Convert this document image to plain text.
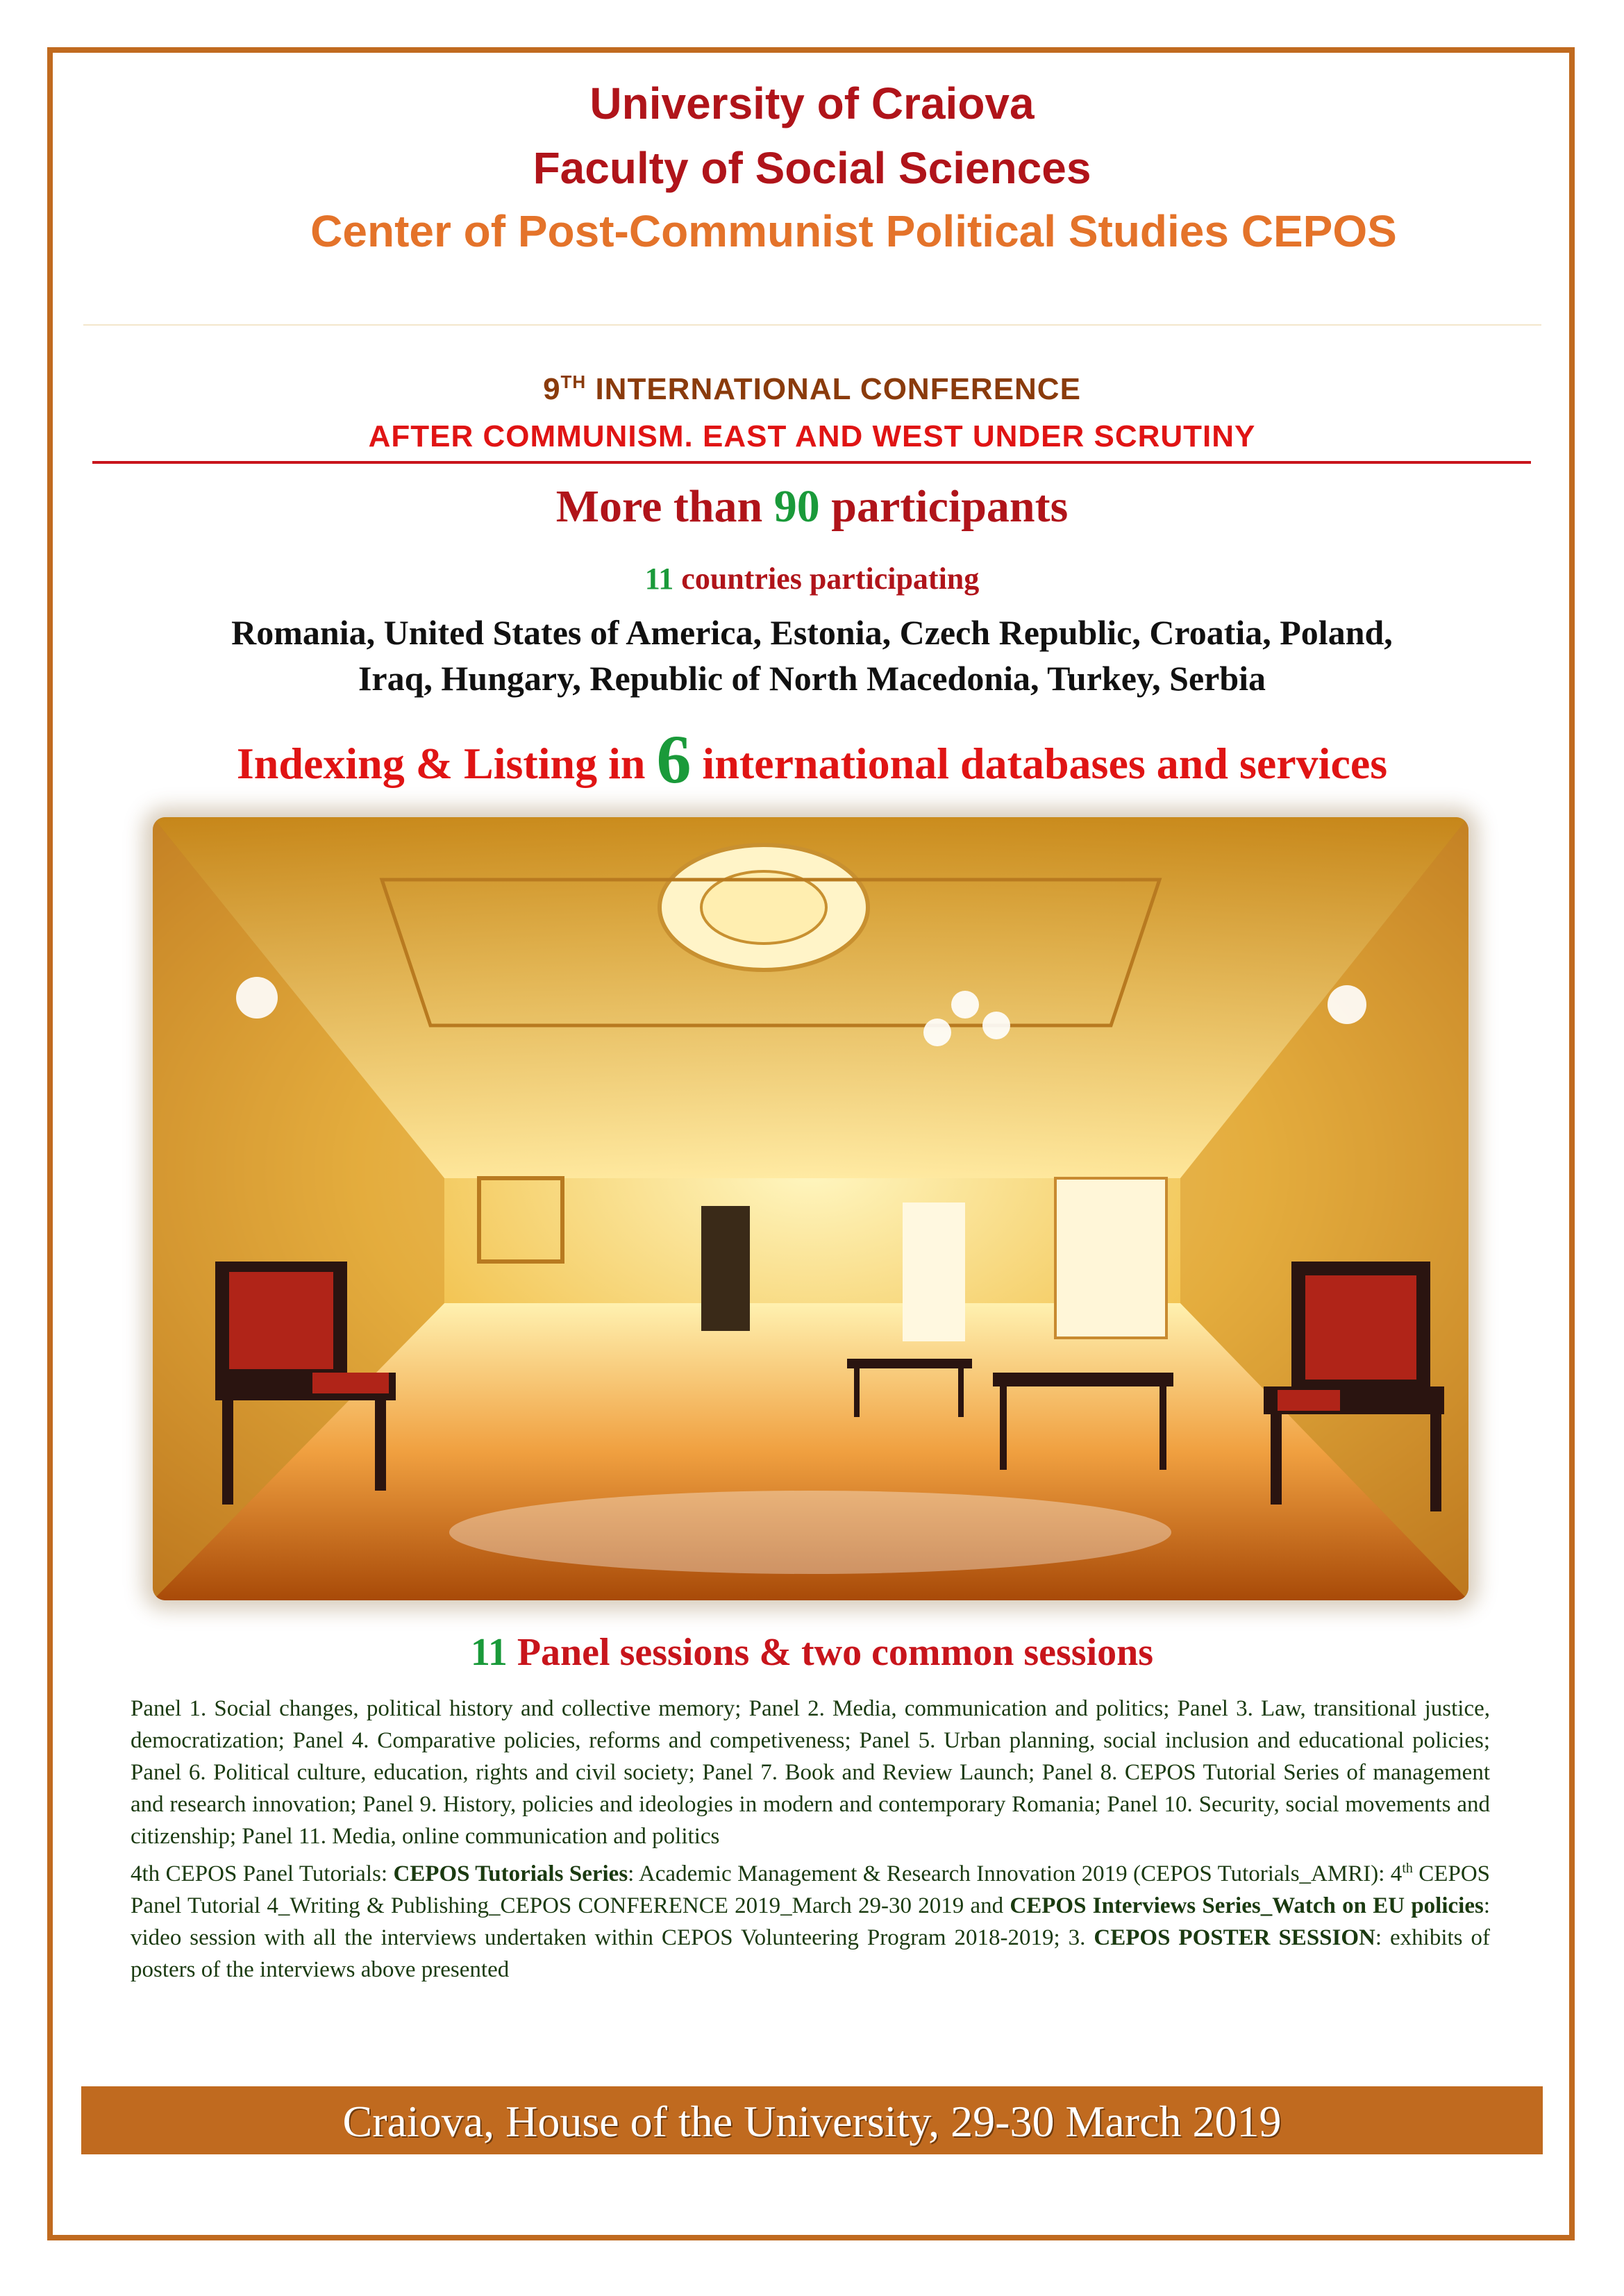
University of Craiova
Faculty of Social Sciences
Center of Post-Communist Political Studies CEPOS
9TH INTERNATIONAL CONFERENCE
AFTER COMMUNISM. EAST AND WEST UNDER SCRUTINY
More than 90 participants
11 countries participating
Romania, United States of America, Estonia, Czech Republic, Croatia, Poland,
Iraq, Hungary, Republic of North Macedonia, Turkey, Serbia
Indexing & Listing in 6 international databases and services
11 Panel sessions & two common sessions
Panel 1. Social changes, political history and collective memory; Panel 2. Media, communication and politics; Panel 3. Law, transitional justice, democratization; Panel 4. Comparative policies, reforms and competiveness; Panel 5. Urban planning, social inclusion and educational policies; Panel 6. Political culture, education, rights and civil society; Panel 7. Book and Review Launch; Panel 8. CEPOS Tutorial Series of management and research innovation; Panel 9. History, policies and ideologies in modern and contemporary Romania; Panel 10. Security, social movements and citizenship; Panel 11. Media, online communication and politics
4th CEPOS Panel Tutorials: CEPOS Tutorials Series: Academic Management & Research Innovation 2019 (CEPOS Tutorials_AMRI): 4th CEPOS Panel Tutorial 4_Writing & Publishing_CEPOS CONFERENCE 2019_March 29-30 2019 and CEPOS Interviews Series_Watch on EU policies: video session with all the interviews undertaken within CEPOS Volunteering Program 2018-2019; 3. CEPOS POSTER SESSION: exhibits of posters of the interviews above presented
Craiova, House of the University, 29-30 March 2019
